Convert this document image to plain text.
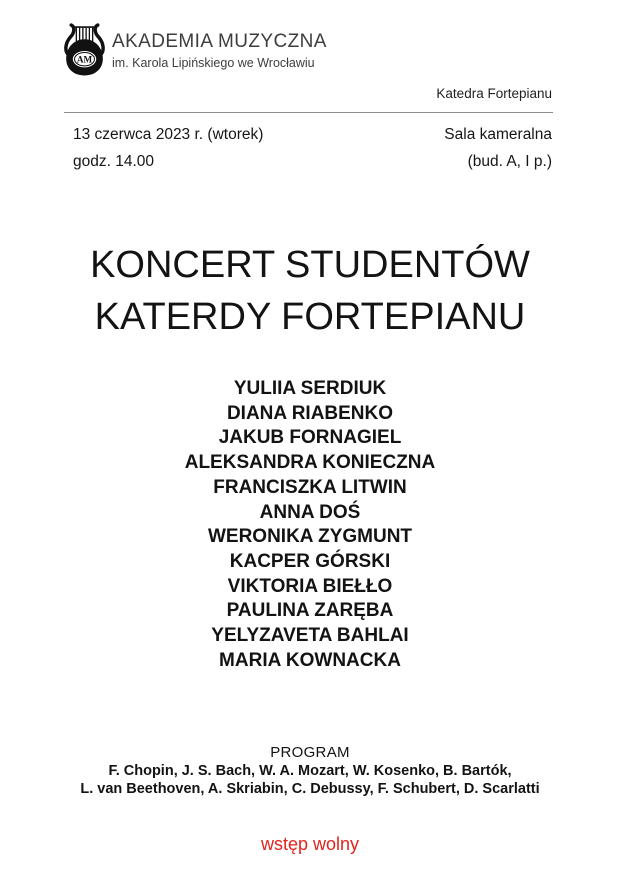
AM
AKADEMIA MUZYCZNA
im. Karola Lipińskiego we Wrocławiu
Katedra Fortepianu
13 czerwca 2023 r. (wtorek)
godz. 14.00
Sala kameralna
(bud. A, I p.)
KONCERT STUDENTÓW
KATERDY FORTEPIANU
YULIIA SERDIUK
DIANA RIABENKO
JAKUB FORNAGIEL
ALEKSANDRA KONIECZNA
FRANCISZKA LITWIN
ANNA DOŚ
WERONIKA ZYGMUNT
KACPER GÓRSKI
VIKTORIA BIEŁŁO
PAULINA ZARĘBA
YELYZAVETA BAHLAI
MARIA KOWNACKA
PROGRAM
F. Chopin, J. S. Bach, W. A. Mozart, W. Kosenko, B. Bartók,
L. van Beethoven, A. Skriabin, C. Debussy, F. Schubert, D. Scarlatti
wstęp wolny
